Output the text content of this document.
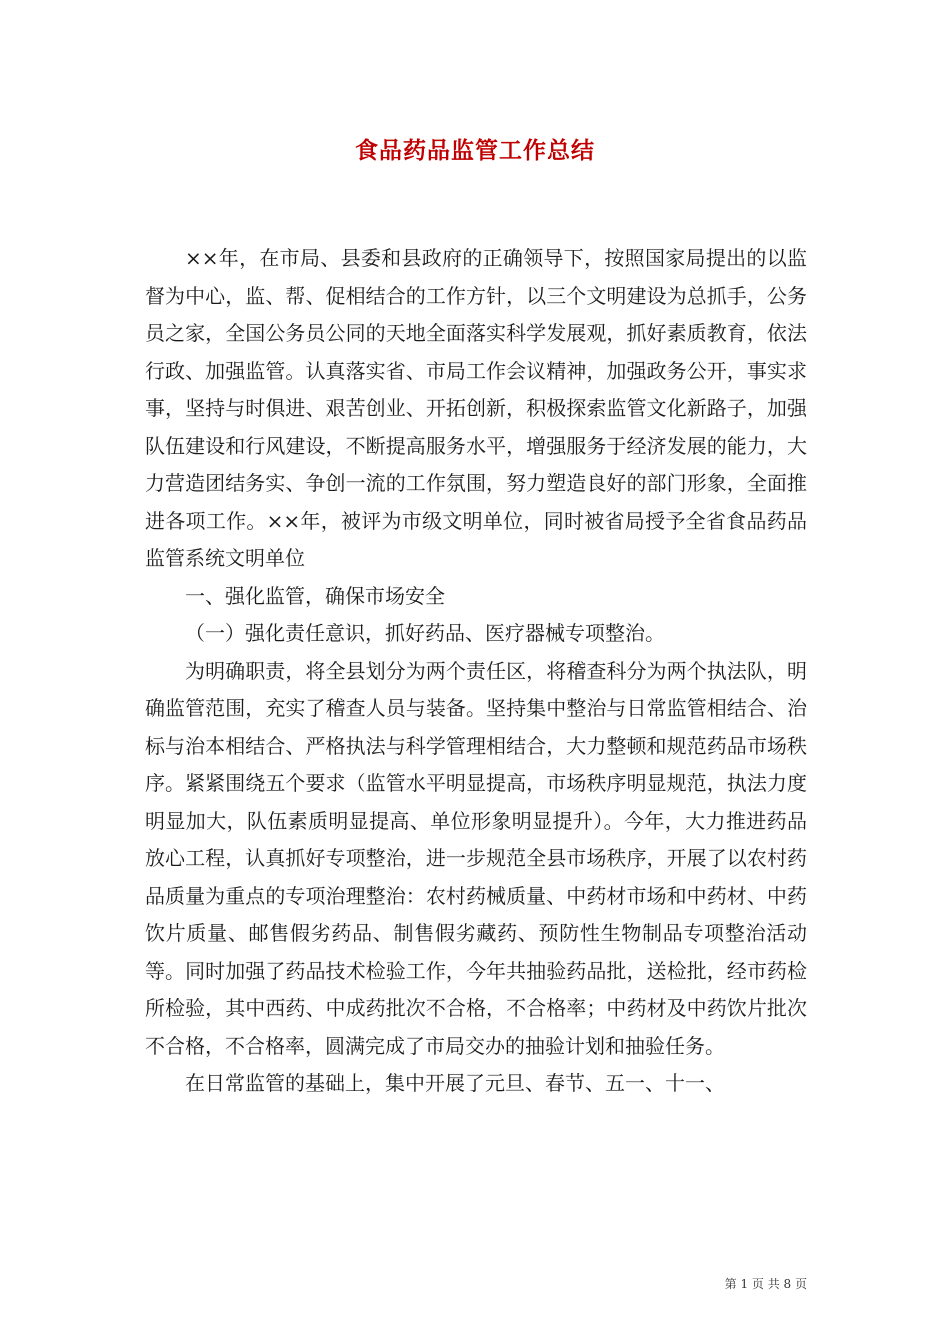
食品药品监管工作总结

××年，在市局、县委和县政府的正确领导下，按照国家局提出的以监督为中心，监、帮、促相结合的工作方针，以三个文明建设为总抓手，公务员之家，全国公务员公同的天地全面落实科学发展观，抓好素质教育，依法行政、加强监管。认真落实省、市局工作会议精神，加强政务公开，事实求事，坚持与时俱进、艰苦创业、开拓创新，积极探索监管文化新路子，加强队伍建设和行风建设，不断提高服务水平，增强服务于经济发展的能力，大力营造团结务实、争创一流的工作氛围，努力塑造良好的部门形象，全面推进各项工作。××年，被评为市级文明单位，同时被省局授予全省食品药品监管系统文明单位

一、强化监管，确保市场安全

（一）强化责任意识，抓好药品、医疗器械专项整治。

为明确职责，将全县划分为两个责任区，将稽查科分为两个执法队，明确监管范围，充实了稽查人员与装备。坚持集中整治与日常监管相结合、治标与治本相结合、严格执法与科学管理相结合，大力整顿和规范药品市场秩序。紧紧围绕五个要求（监管水平明显提高，市场秩序明显规范，执法力度明显加大，队伍素质明显提高、单位形象明显提升）。今年，大力推进药品放心工程，认真抓好专项整治，进一步规范全县市场秩序，开展了以农村药品质量为重点的专项治理整治：农村药械质量、中药材市场和中药材、中药饮片质量、邮售假劣药品、制售假劣藏药、预防性生物制品专项整治活动等。同时加强了药品技术检验工作，今年共抽验药品批，送检批，经市药检所检验，其中西药、中成药批次不合格，不合格率；中药材及中药饮片批次不合格，不合格率，圆满完成了市局交办的抽验计划和抽验任务。

在日常监管的基础上，集中开展了元旦、春节、五一、十一、

第 1 页 共 8 页
